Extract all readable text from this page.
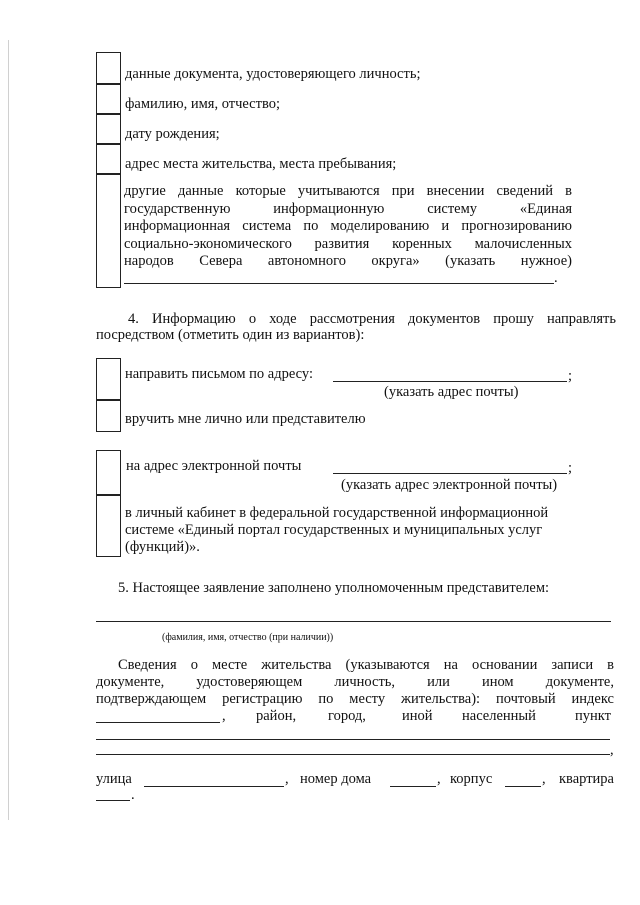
данные документа, удостоверяющего личность;
фамилию, имя, отчество;
дату рождения;
адрес места жительства, места пребывания;
другие данные которые учитываются при внесении сведений в
государственную информационную систему «Единая
информационная система по моделированию и прогнозированию
социально-экономического развития коренных малочисленных
народов Севера автономного округа» (указать нужное)
.
4. Информацию о ходе рассмотрения документов прошу направлять
посредством (отметить один из вариантов):
направить письмом по адресу:	;
(указать адрес почты)
вручить мне лично или представителю
на адрес электронной почты	;
(указать адрес электронной почты)
в личный кабинет в федеральной государственной информационной
системе «Единый портал государственных и муниципальных услуг
(функций)».
5. Настоящее заявление заполнено уполномоченным представителем:
(фамилия, имя, отчество (при наличии))
Сведения о месте жительства (указываются на основании записи в
документе, удостоверяющем личность, или ином документе,
подтверждающем регистрацию по месту жительства): почтовый индекс
, район, город, иной населенный	пункт
,
улица	, номер дома	, корпус	, квартира
.
